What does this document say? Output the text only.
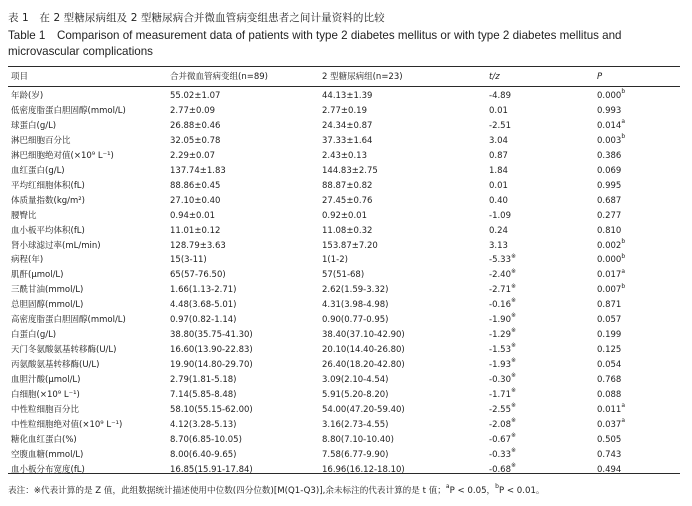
表 1　在 2 型糖尿病组及 2 型糖尿病合并微血管病变组患者之间计量资料的比较
Table 1　Comparison of measurement data of patients with type 2 diabetes mellitus or with type 2 diabetes mellitus and microvascular complications
项目	合并微血管病变组(n=89)	2 型糖尿病组(n=23)	t/z	P
年龄(岁)	55.02±1.07	44.13±1.39	-4.89	0.000$^b$
低密度脂蛋白胆固醇(mmol/L)	2.77±0.09	2.77±0.19	0.01	0.993
球蛋白(g/L)	26.88±0.46	24.34±0.87	-2.51	0.014$^a$
淋巴细胞百分比	32.05±0.78	37.33±1.64	3.04	0.003$^b$
淋巴细胞绝对值(×10⁹ L⁻¹)	2.29±0.07	2.43±0.13	0.87	0.386
血红蛋白(g/L)	137.74±1.83	144.83±2.75	1.84	0.069
平均红细胞体积(fL)	88.86±0.45	88.87±0.82	0.01	0.995
体质量指数(kg/m²)	27.10±0.40	27.45±0.76	0.40	0.687
腰臀比	0.94±0.01	0.92±0.01	-1.09	0.277
血小板平均体积(fL)	11.01±0.12	11.08±0.32	0.24	0.810
肾小球滤过率(mL/min)	128.79±3.63	153.87±7.20	3.13	0.002$^b$
病程(年)	15(3-11)	1(1-2)	-5.33※	0.000$^b$
肌酐(μmol/L)	65(57-76.50)	57(51-68)	-2.40※	0.017$^a$
三酰甘油(mmol/L)	1.66(1.13-2.71)	2.62(1.59-3.32)	-2.71※	0.007$^b$
总胆固醇(mmol/L)	4.48(3.68-5.01)	4.31(3.98-4.98)	-0.16※	0.871
高密度脂蛋白胆固醇(mmol/L)	0.97(0.82-1.14)	0.90(0.77-0.95)	-1.90※	0.057
白蛋白(g/L)	38.80(35.75-41.30)	38.40(37.10-42.90)	-1.29※	0.199
天门冬氨酸氨基转移酶(U/L)	16.60(13.90-22.83)	20.10(14.40-26.80)	-1.53※	0.125
丙氨酸氨基转移酶(U/L)	19.90(14.80-29.70)	26.40(18.20-42.80)	-1.93※	0.054
血胆汁酸(μmol/L)	2.79(1.81-5.18)	3.09(2.10-4.54)	-0.30※	0.768
白细胞(×10⁹ L⁻¹)	7.14(5.85-8.48)	5.91(5.20-8.20)	-1.71※	0.088
中性粒细胞百分比	58.10(55.15-62.00)	54.00(47.20-59.40)	-2.55※	0.011$^a$
中性粒细胞绝对值(×10⁹ L⁻¹)	4.12(3.28-5.13)	3.16(2.73-4.55)	-2.08※	0.037$^a$
糖化血红蛋白(%)	8.70(6.85-10.05)	8.80(7.10-10.40)	-0.67※	0.505
空腹血糖(mmol/L)	8.00(6.40-9.65)	7.58(6.77-9.90)	-0.33※	0.743
血小板分布宽度(fL)	16.85(15.91-17.84)	16.96(16.12-18.10)	-0.68※	0.494
表注：※代表计算的是 Z 值，此组数据统计描述使用中位数(四分位数)[M(Q1-Q3)],余未标注的代表计算的是 t 值；$^a$P < 0.05，$^b$P < 0.01。
